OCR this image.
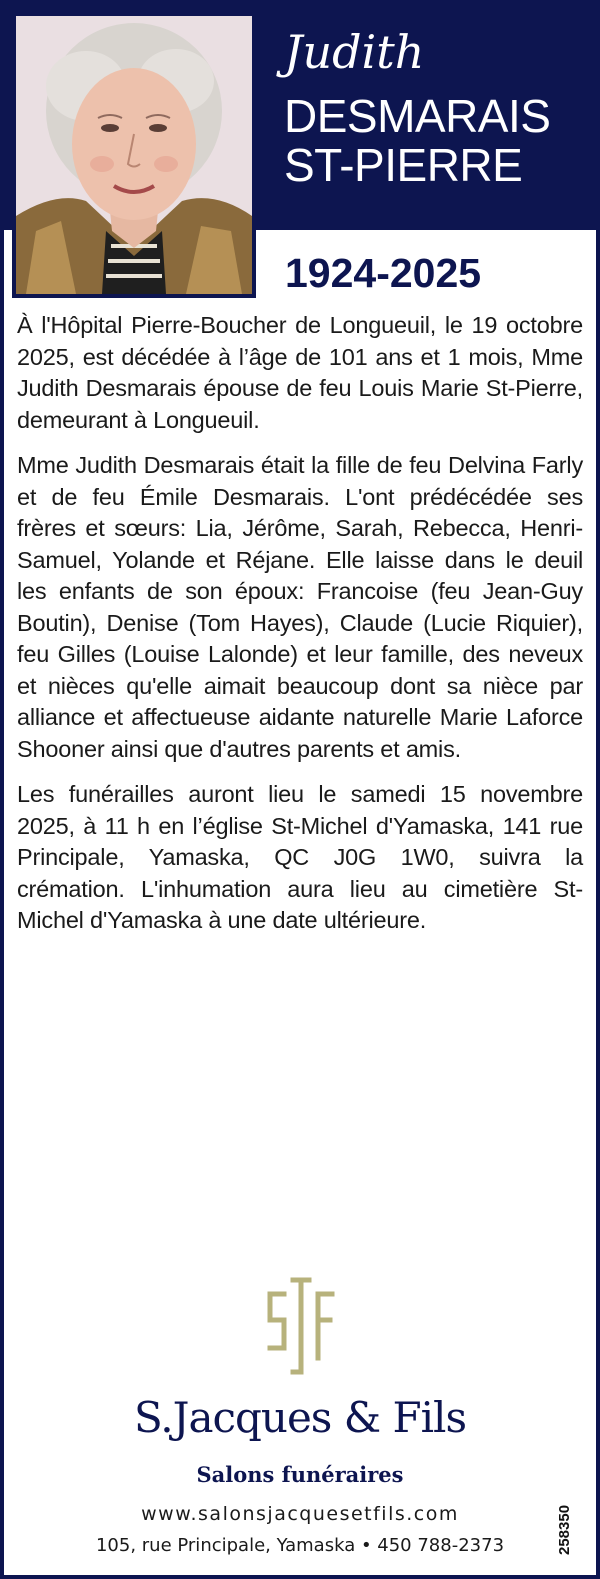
Judith
DESMARAIS
ST-PIERRE
1924-2025

À l'Hôpital Pierre-Boucher de Longueuil, le 19 octobre 2025, est décédée à l’âge de 101 ans et 1 mois, Mme Judith Desmarais épouse de feu Louis Marie St-Pierre, demeurant à Longueuil.

Mme Judith Desmarais était la fille de feu Delvina Farly et de feu Émile Desmarais. L'ont prédécédée ses frères et sœurs: Lia, Jérôme, Sarah, Rebecca, Henri-Samuel, Yolande et Réjane. Elle laisse dans le deuil les enfants de son époux: Francoise (feu Jean-Guy Boutin), Denise (Tom Hayes), Claude (Lucie Riquier), feu Gilles (Louise Lalonde) et leur famille, des neveux et nièces qu'elle aimait beaucoup dont sa nièce par alliance et affectueuse aidante naturelle Marie Laforce Shooner ainsi que d'autres parents et amis.

Les funérailles auront lieu le samedi 15 novembre 2025, à 11 h en l’église St-Michel d'Yamaska, 141 rue Principale, Yamaska, QC J0G 1W0, suivra la crémation. L'inhumation aura lieu au cimetière St-Michel d'Yamaska à une date ultérieure.

S.Jacques & Fils
Salons funéraires
www.salonsjacquesetfils.com
105, rue Principale, Yamaska • 450 788-2373	258350
